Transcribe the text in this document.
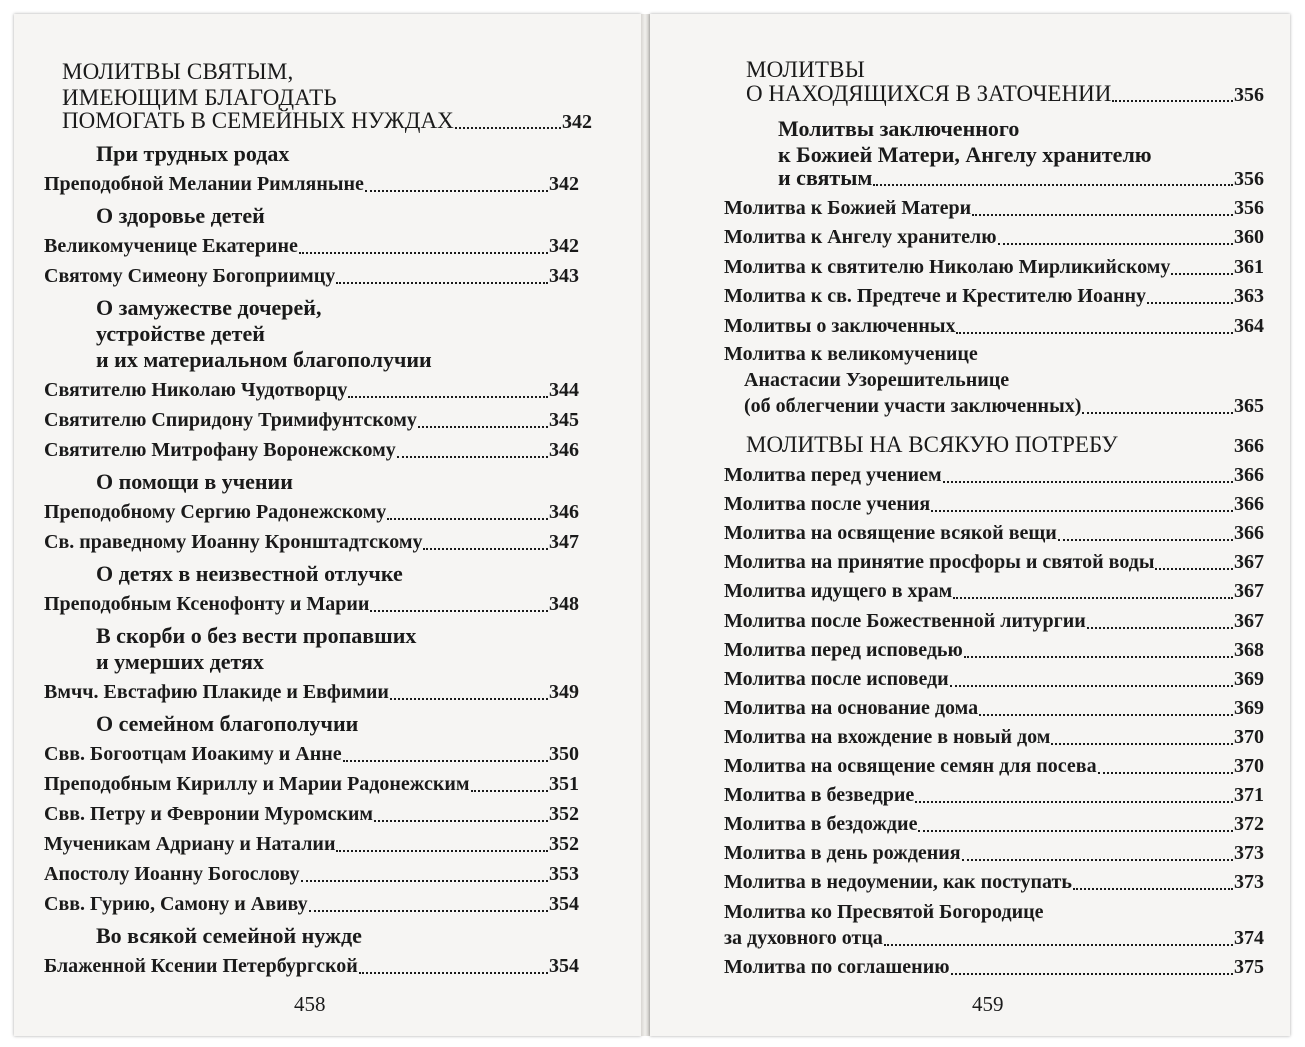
МОЛИТВЫ СВЯТЫМ,
ИМЕЮЩИМ БЛАГОДАТЬ
ПОМОГАТЬ В СЕМЕЙНЫХ НУЖДАХ	342
При трудных родах
Преподобной Мелании Римляныне	342
О здоровье детей
Великомученице Екатерине	342
Святому Симеону Богоприимцу	343
О замужестве дочерей,
устройстве детей
и их материальном благополучии
Святителю Николаю Чудотворцу	344
Святителю Спиридону Тримифунтскому	345
Святителю Митрофану Воронежскому	346
О помощи в учении
Преподобному Сергию Радонежскому	346
Св. праведному Иоанну Кронштадтскому	347
О детях в неизвестной отлучке
Преподобным Ксенофонту и Марии	348
В скорби о без вести пропавших
и умерших детях
Вмчч. Евстафию Плакиде и Евфимии	349
О семейном благополучии
Свв. Богоотцам Иоакиму и Анне	350
Преподобным Кириллу и Марии Радонежским	351
Свв. Петру и Февронии Муромским	352
Мученикам Адриану и Наталии	352
Апостолу Иоанну Богослову	353
Свв. Гурию, Самону и Авиву	354
Во всякой семейной нужде
Блаженной Ксении Петербургской	354
458
МОЛИТВЫ
О НАХОДЯЩИХСЯ В ЗАТОЧЕНИИ	356
Молитвы заключенного
к Божией Матери, Ангелу хранителю
и святым	356
Молитва к Божией Матери	356
Молитва к Ангелу хранителю	360
Молитва к святителю Николаю Мирликийскому	361
Молитва к св. Предтече и Крестителю Иоанну	363
Молитвы о заключенных	364
Молитва к великомученице
Анастасии Узорешительнице
(об облегчении участи заключенных)	365
МОЛИТВЫ НА ВСЯКУЮ ПОТРЕБУ	366
Молитва перед учением	366
Молитва после учения	366
Молитва на освящение всякой вещи	366
Молитва на принятие просфоры и святой воды	367
Молитва идущего в храм	367
Молитва после Божественной литургии	367
Молитва перед исповедью	368
Молитва после исповеди	369
Молитва на основание дома	369
Молитва на вхождение в новый дом	370
Молитва на освящение семян для посева	370
Молитва в безведрие	371
Молитва в бездождие	372
Молитва в день рождения	373
Молитва в недоумении, как поступать	373
Молитва ко Пресвятой Богородице
за духовного отца	374
Молитва по соглашению	375
459
